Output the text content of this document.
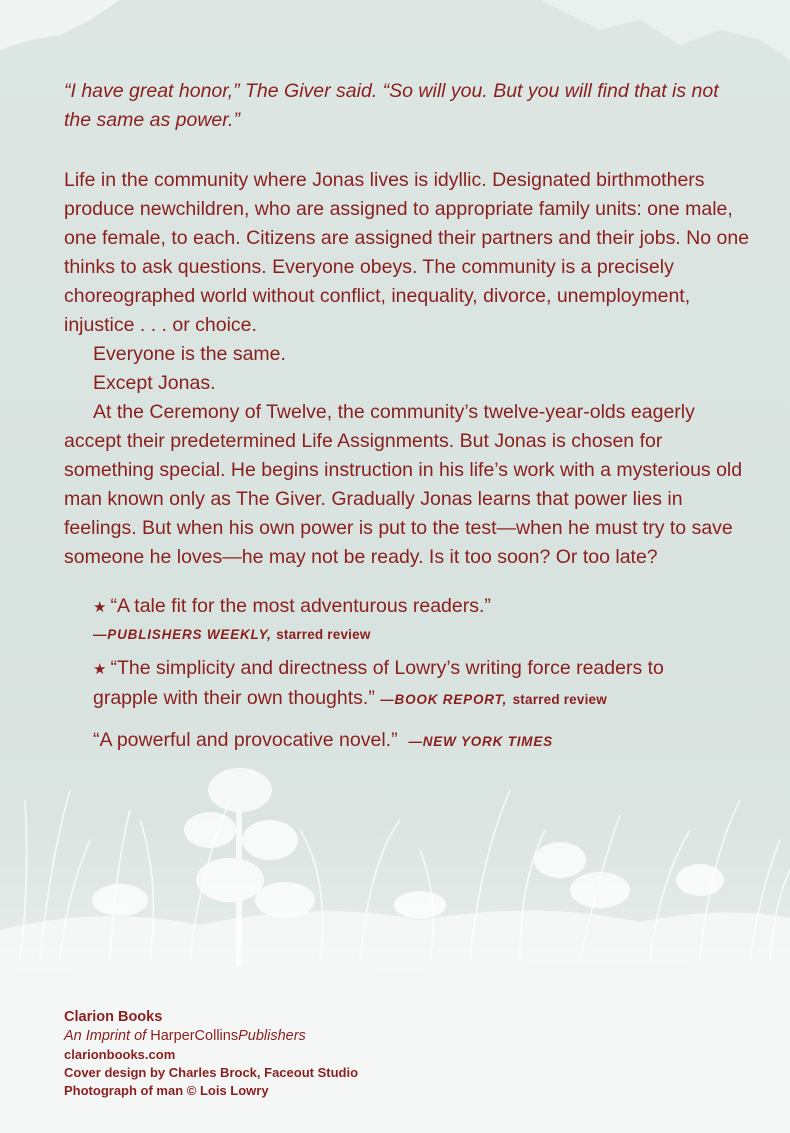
“I have great honor,” The Giver said. “So will you. But you will find that is not the same as power.”

Life in the community where Jonas lives is idyllic. Designated birthmothers produce newchildren, who are assigned to appropriate family units: one male, one female, to each. Citizens are assigned their partners and their jobs. No one thinks to ask questions. Everyone obeys. The community is a precisely choreographed world without conflict, inequality, divorce, unemployment, injustice . . . or choice.

Everyone is the same.

Except Jonas.

At the Ceremony of Twelve, the community’s twelve-year-olds eagerly accept their predetermined Life Assignments. But Jonas is chosen for something special. He begins instruction in his life’s work with a mysterious old man known only as The Giver. Gradually Jonas learns that power lies in feelings. But when his own power is put to the test—when he must try to save someone he loves—he may not be ready. Is it too soon? Or too late?

★ “A tale fit for the most adventurous readers.”

—PUBLISHERS WEEKLY, starred review

★ “The simplicity and directness of Lowry’s writing force readers to grapple with their own thoughts.” —BOOK REPORT, starred review

“A powerful and provocative novel.” —NEW YORK TIMES

Clarion Books
An Imprint of HarperCollinsPublishers
clarionbooks.com
Cover design by Charles Brock, Faceout Studio
Photograph of man © Lois Lowry
